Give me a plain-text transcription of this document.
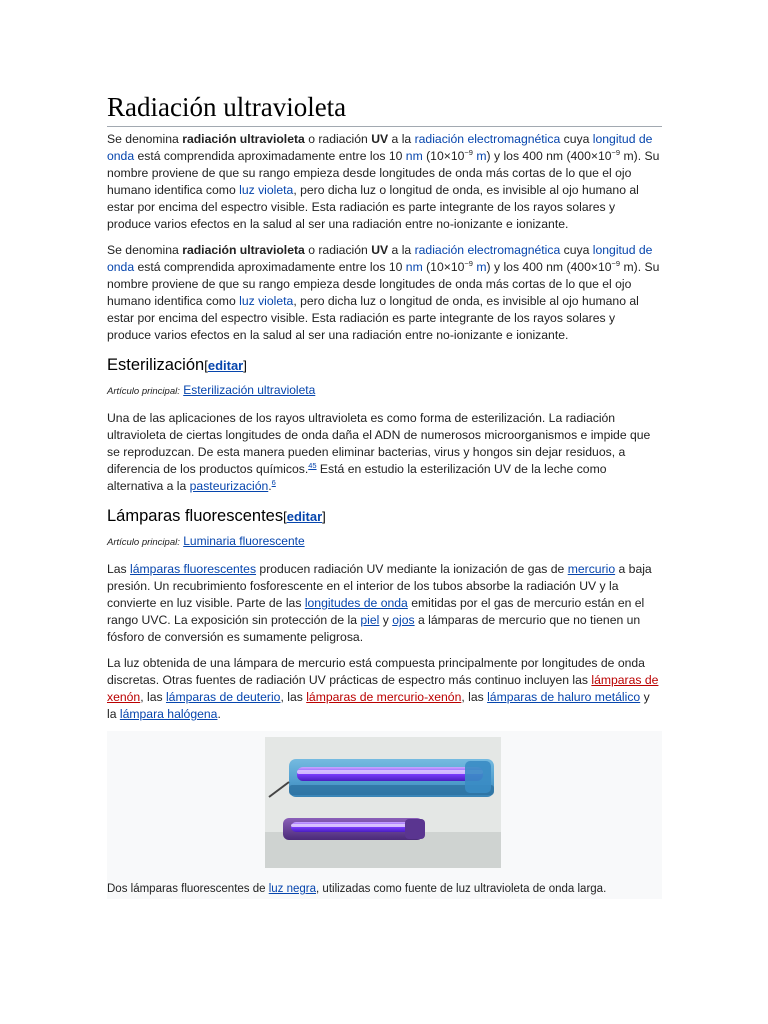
Radiación ultravioleta

Se denomina radiación ultravioleta o radiación UV a la radiación electromagnética cuya longitud de onda está comprendida aproximadamente entre los 10 nm ($10\times 10^{-9}$ m) y los 400 nm ($400\times 10^{-9}$ m). Su nombre proviene de que su rango empieza desde longitudes de onda más cortas de lo que el ojo humano identifica como luz violeta, pero dicha luz o longitud de onda, es invisible al ojo humano al estar por encima del espectro visible. Esta radiación es parte integrante de los rayos solares y produce varios efectos en la salud al ser una radiación entre no-ionizante e ionizante.

Se denomina radiación ultravioleta o radiación UV a la radiación electromagnética cuya longitud de onda está comprendida aproximadamente entre los 10 nm ($10\times 10^{-9}$ m) y los 400 nm ($400\times 10^{-9}$ m). Su nombre proviene de que su rango empieza desde longitudes de onda más cortas de lo que el ojo humano identifica como luz violeta, pero dicha luz o longitud de onda, es invisible al ojo humano al estar por encima del espectro visible. Esta radiación es parte integrante de los rayos solares y produce varios efectos en la salud al ser una radiación entre no-ionizante e ionizante.

Esterilización[editar]
Artículo principal: Esterilización ultravioleta

Una de las aplicaciones de los rayos ultravioleta es como forma de esterilización. La radiación ultravioleta de ciertas longitudes de onda daña el ADN de numerosos microorganismos e impide que se reproduzcan. De esta manera pueden eliminar bacterias, virus y hongos sin dejar residuos, a diferencia de los productos químicos.$^{45}$ Está en estudio la esterilización UV de la leche como alternativa a la pasteurización.$^6$

Lámparas fluorescentes[editar]
Artículo principal: Luminaria fluorescente

Las lámparas fluorescentes producen radiación UV mediante la ionización de gas de mercurio a baja presión. Un recubrimiento fosforescente en el interior de los tubos absorbe la radiación UV y la convierte en luz visible. Parte de las longitudes de onda emitidas por el gas de mercurio están en el rango UVC. La exposición sin protección de la piel y ojos a lámparas de mercurio que no tienen un fósforo de conversión es sumamente peligrosa.

La luz obtenida de una lámpara de mercurio está compuesta principalmente por longitudes de onda discretas. Otras fuentes de radiación UV prácticas de espectro más continuo incluyen las lámparas de xenón, las lámparas de deuterio, las lámparas de mercurio-xenón, las lámparas de haluro metálico y la lámpara halógena.

Dos lámparas fluorescentes de luz negra, utilizadas como fuente de luz ultravioleta de onda larga.
